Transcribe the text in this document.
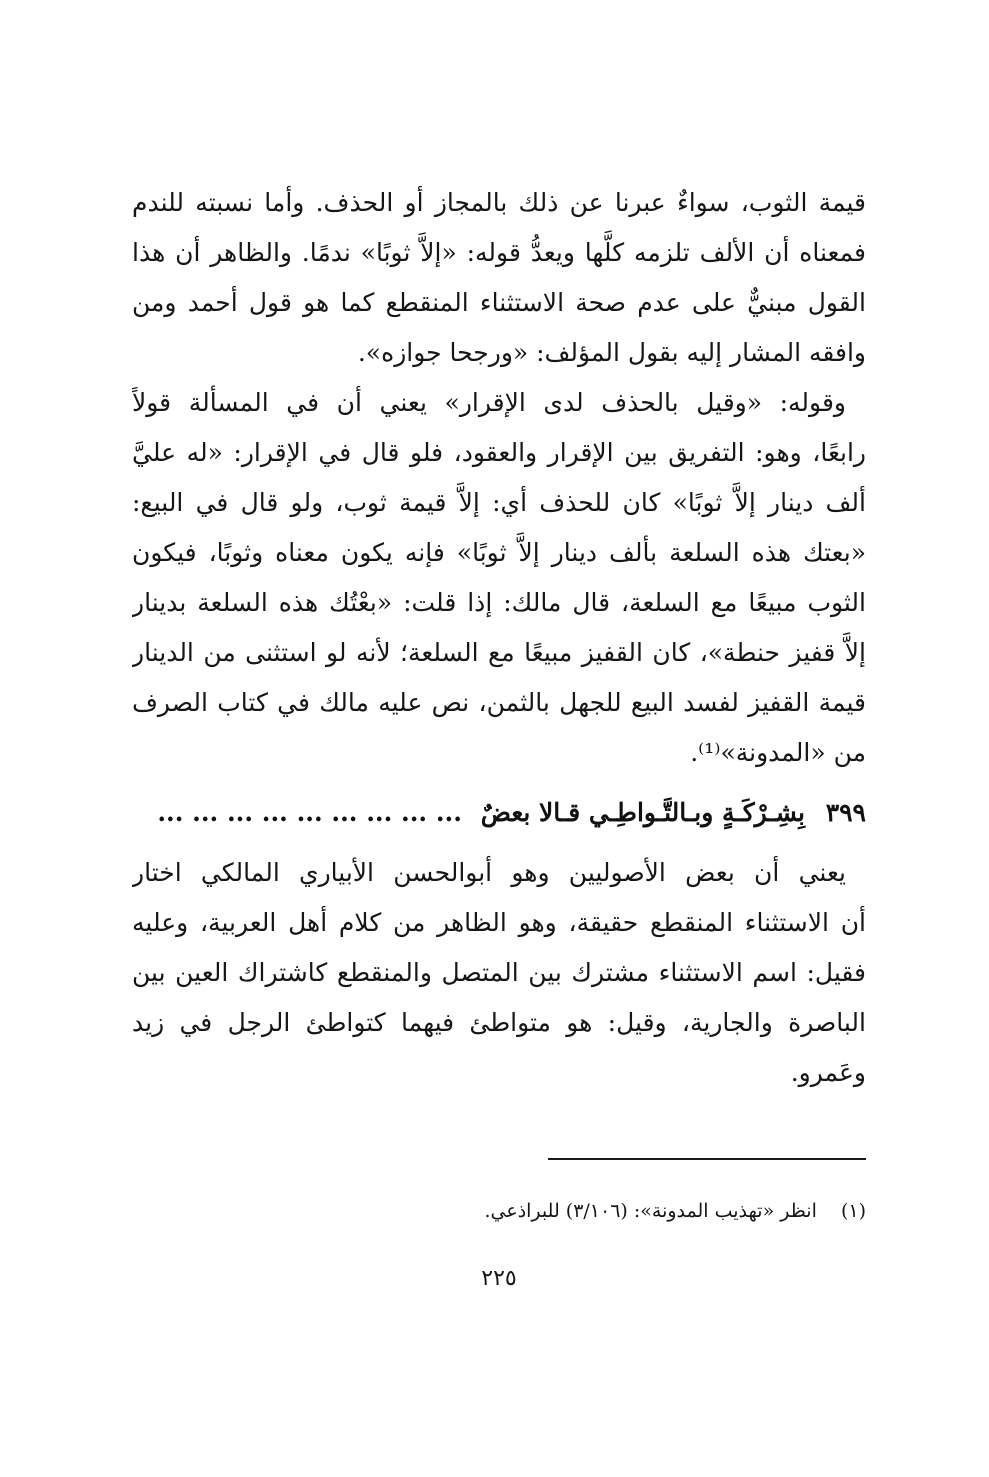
قيمة الثوب، سواءٌ عبرنا عن ذلك بالمجاز أو الحذف. وأما نسبته للندم
فمعناه أن الألف تلزمه كلَّها ويعدُّ قوله: «إلاَّ ثوبًا» ندمًا. والظاهر أن هذا
القول مبنيٌّ على عدم صحة الاستثناء المنقطع كما هو قول أحمد ومن
وافقه المشار إليه بقول المؤلف: «ورجحا جوازه».
وقوله: «وقيل بالحذف لدى الإقرار» يعني أن في المسألة قولاً
رابعًا، وهو: التفريق بين الإقرار والعقود، فلو قال في الإقرار: «له عليَّ
ألف دينار إلاَّ ثوبًا» كان للحذف أي: إلاَّ قيمة ثوب، ولو قال في البيع:
«بعتك هذه السلعة بألف دينار إلاَّ ثوبًا» فإنه يكون معناه وثوبًا، فيكون
الثوب مبيعًا مع السلعة، قال مالك: إذا قلت: «بعْتُك هذه السلعة بدينار
إلاَّ قفيز حنطة»، كان القفيز مبيعًا مع السلعة؛ لأنه لو استثنى من الدينار
قيمة القفيز لفسد البيع للجهل بالثمن، نص عليه مالك في كتاب الصرف
من «المدونة»⁽¹⁾.
٣٩٩ بِشِـرْكَـةٍ وبـالتَّـواطِـي قـالا بعضٌ ... ... ... ... ... ... ... ... ...
يعني أن بعض الأصوليين وهو أبوالحسن الأبياري المالكي اختار
أن الاستثناء المنقطع حقيقة، وهو الظاهر من كلام أهل العربية، وعليه
فقيل: اسم الاستثناء مشترك بين المتصل والمنقطع كاشتراك العين بين
الباصرة والجارية، وقيل: هو متواطئ فيهما كتواطئ الرجل في زيد
وعَمرو.
(١) انظر «تهذيب المدونة»: (٣/١٠٦) للبراذعي.
٢٢٥
